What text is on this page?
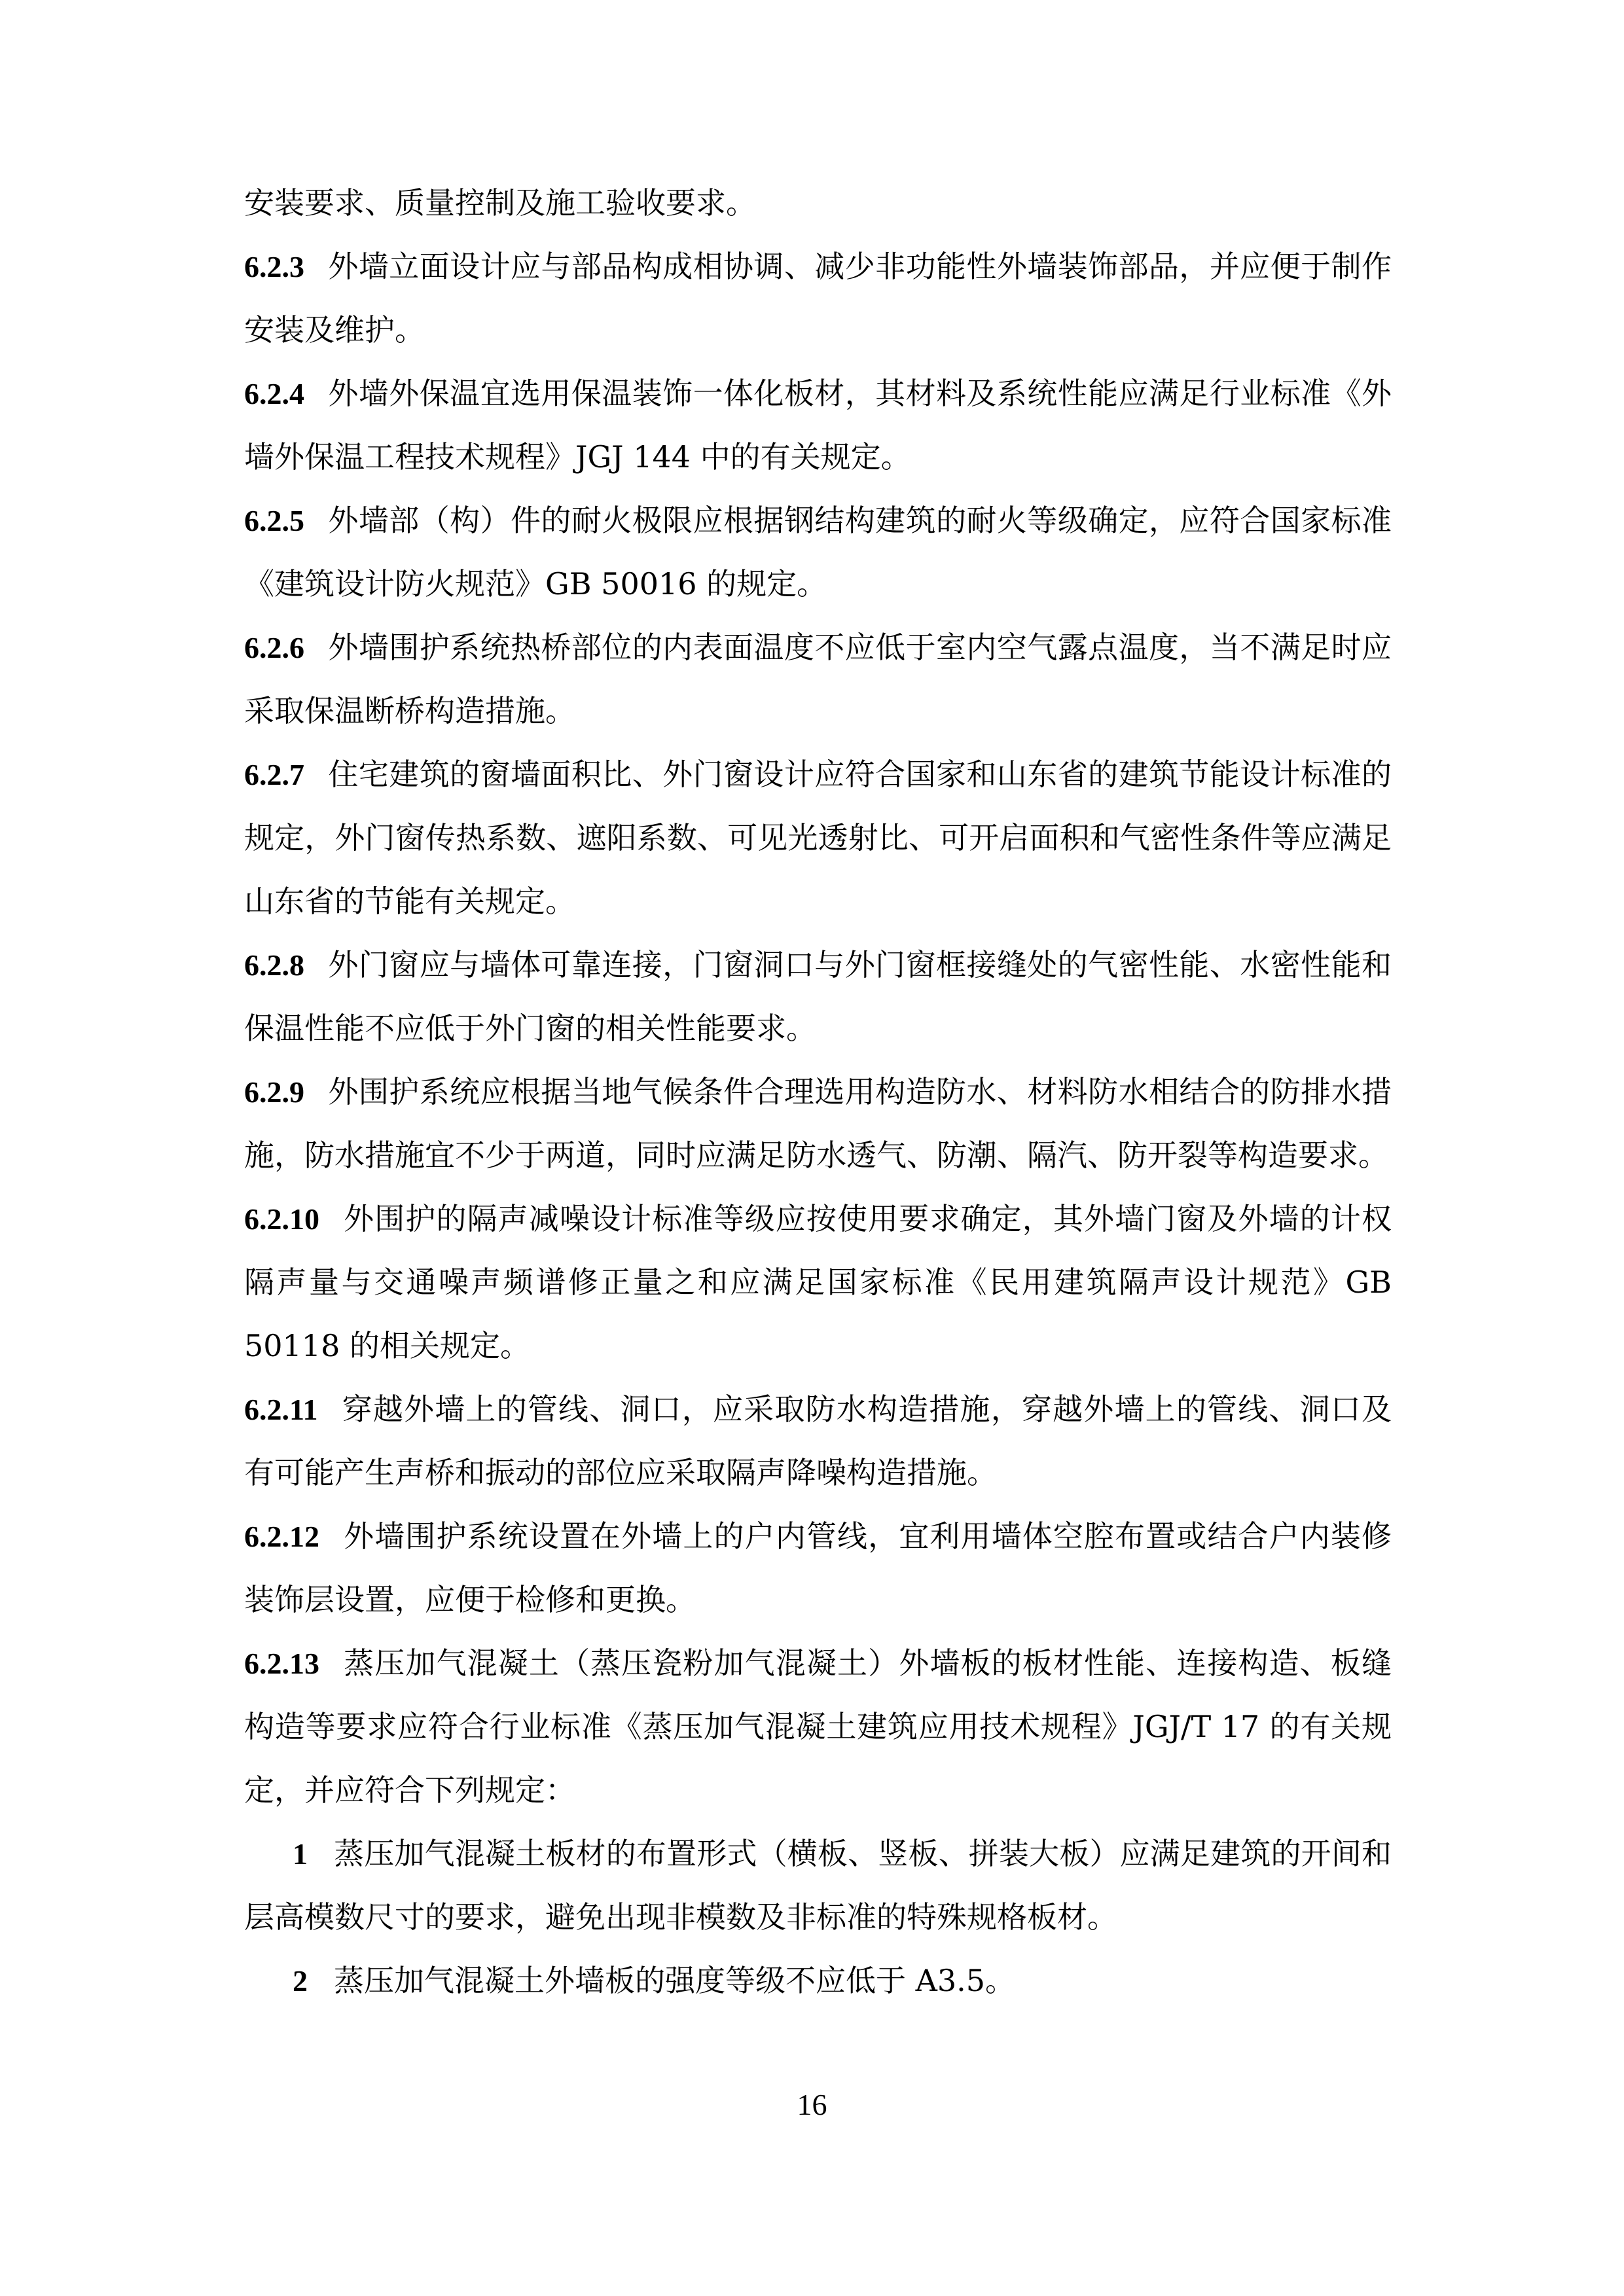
安装要求、质量控制及施工验收要求。

6.2.3 外墙立面设计应与部品构成相协调、减少非功能性外墙装饰部品，并应便于制作安装及维护。

6.2.4 外墙外保温宜选用保温装饰一体化板材，其材料及系统性能应满足行业标准《外墙外保温工程技术规程》JGJ 144 中的有关规定。

6.2.5 外墙部（构）件的耐火极限应根据钢结构建筑的耐火等级确定，应符合国家标准《建筑设计防火规范》GB 50016 的规定。

6.2.6 外墙围护系统热桥部位的内表面温度不应低于室内空气露点温度，当不满足时应采取保温断桥构造措施。

6.2.7 住宅建筑的窗墙面积比、外门窗设计应符合国家和山东省的建筑节能设计标准的规定，外门窗传热系数、遮阳系数、可见光透射比、可开启面积和气密性条件等应满足山东省的节能有关规定。

6.2.8 外门窗应与墙体可靠连接，门窗洞口与外门窗框接缝处的气密性能、水密性能和保温性能不应低于外门窗的相关性能要求。

6.2.9 外围护系统应根据当地气候条件合理选用构造防水、材料防水相结合的防排水措施，防水措施宜不少于两道，同时应满足防水透气、防潮、隔汽、防开裂等构造要求。

6.2.10 外围护的隔声减噪设计标准等级应按使用要求确定，其外墙门窗及外墙的计权隔声量与交通噪声频谱修正量之和应满足国家标准《民用建筑隔声设计规范》GB 50118 的相关规定。

6.2.11 穿越外墙上的管线、洞口，应采取防水构造措施，穿越外墙上的管线、洞口及有可能产生声桥和振动的部位应采取隔声降噪构造措施。

6.2.12 外墙围护系统设置在外墙上的户内管线，宜利用墙体空腔布置或结合户内装修装饰层设置，应便于检修和更换。

6.2.13 蒸压加气混凝土（蒸压瓷粉加气混凝土）外墙板的板材性能、连接构造、板缝构造等要求应符合行业标准《蒸压加气混凝土建筑应用技术规程》JGJ/T 17 的有关规定，并应符合下列规定：

1 蒸压加气混凝土板材的布置形式（横板、竖板、拼装大板）应满足建筑的开间和层高模数尺寸的要求，避免出现非模数及非标准的特殊规格板材。

2 蒸压加气混凝土外墙板的强度等级不应低于 A3.5。

16
